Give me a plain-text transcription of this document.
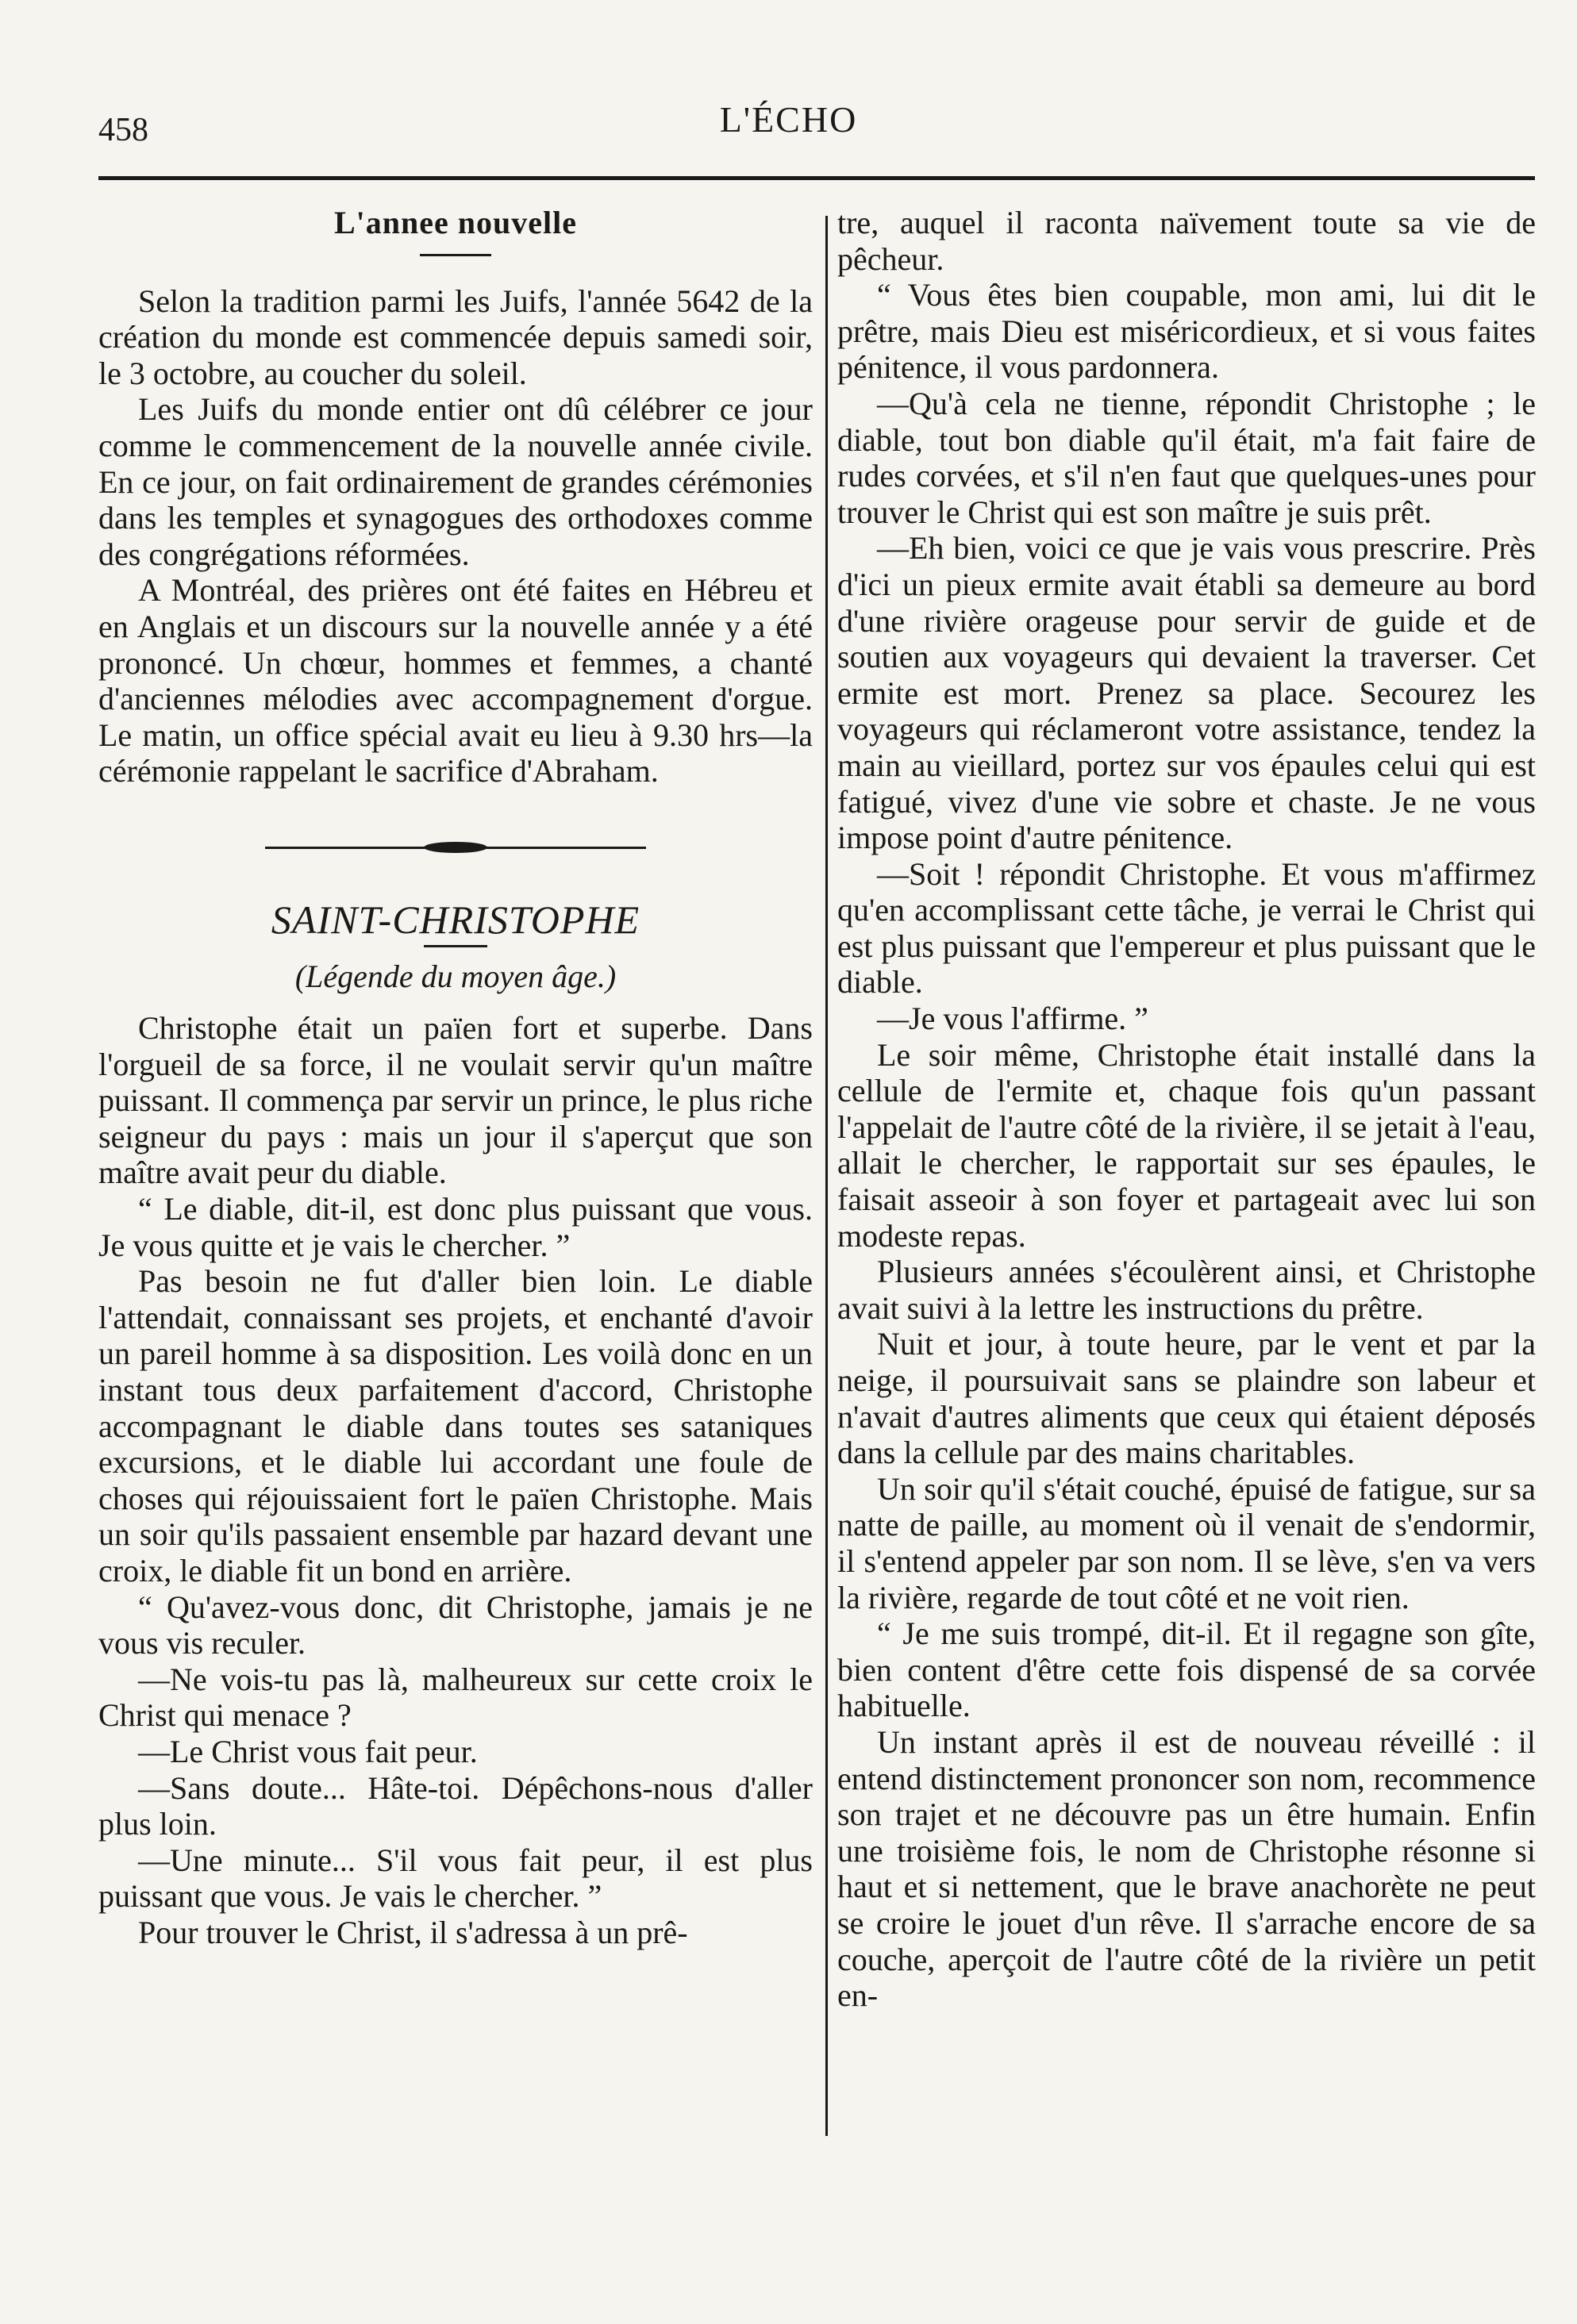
458	L'ÉCHO
L'annee nouvelle

Selon la tradition parmi les Juifs, l'année 5642 de la création du monde est commencée depuis samedi soir, le 3 octobre, au coucher du soleil.

Les Juifs du monde entier ont dû célébrer ce jour comme le commencement de la nouvelle année civile. En ce jour, on fait ordinairement de grandes cérémonies dans les temples et synagogues des orthodoxes comme des congrégations réformées.

A Montréal, des prières ont été faites en Hébreu et en Anglais et un discours sur la nouvelle année y a été prononcé. Un chœur, hommes et femmes, a chanté d'anciennes mélodies avec accompagnement d'orgue. Le matin, un office spécial avait eu lieu à 9.30 hrs—la cérémonie rappelant le sacrifice d'Abraham.

SAINT-CHRISTOPHE
(Légende du moyen âge.)

Christophe était un païen fort et superbe. Dans l'orgueil de sa force, il ne voulait servir qu'un maître puissant. Il commença par servir un prince, le plus riche seigneur du pays : mais un jour il s'aperçut que son maître avait peur du diable.

“ Le diable, dit-il, est donc plus puissant que vous. Je vous quitte et je vais le chercher. ”

Pas besoin ne fut d'aller bien loin. Le diable l'attendait, connaissant ses projets, et enchanté d'avoir un pareil homme à sa disposition. Les voilà donc en un instant tous deux parfaitement d'accord, Christophe accompagnant le diable dans toutes ses sataniques excursions, et le diable lui accordant une foule de choses qui réjouissaient fort le païen Christophe. Mais un soir qu'ils passaient ensemble par hazard devant une croix, le diable fit un bond en arrière.

“ Qu'avez-vous donc, dit Christophe, jamais je ne vous vis reculer.

—Ne vois-tu pas là, malheureux sur cette croix le Christ qui menace ?

—Le Christ vous fait peur.

—Sans doute... Hâte-toi. Dépêchons-nous d'aller plus loin.

—Une minute... S'il vous fait peur, il est plus puissant que vous. Je vais le chercher. ”

Pour trouver le Christ, il s'adressa à un prê-

tre, auquel il raconta naïvement toute sa vie de pêcheur.

“ Vous êtes bien coupable, mon ami, lui dit le prêtre, mais Dieu est miséricordieux, et si vous faites pénitence, il vous pardonnera.

—Qu'à cela ne tienne, répondit Christophe ; le diable, tout bon diable qu'il était, m'a fait faire de rudes corvées, et s'il n'en faut que quelques-unes pour trouver le Christ qui est son maître je suis prêt.

—Eh bien, voici ce que je vais vous prescrire. Près d'ici un pieux ermite avait établi sa demeure au bord d'une rivière orageuse pour servir de guide et de soutien aux voyageurs qui devaient la traverser. Cet ermite est mort. Prenez sa place. Secourez les voyageurs qui réclameront votre assistance, tendez la main au vieillard, portez sur vos épaules celui qui est fatigué, vivez d'une vie sobre et chaste. Je ne vous impose point d'autre pénitence.

—Soit ! répondit Christophe. Et vous m'affirmez qu'en accomplissant cette tâche, je verrai le Christ qui est plus puissant que l'empereur et plus puissant que le diable.

—Je vous l'affirme. ”

Le soir même, Christophe était installé dans la cellule de l'ermite et, chaque fois qu'un passant l'appelait de l'autre côté de la rivière, il se jetait à l'eau, allait le chercher, le rapportait sur ses épaules, le faisait asseoir à son foyer et partageait avec lui son modeste repas.

Plusieurs années s'écoulèrent ainsi, et Christophe avait suivi à la lettre les instructions du prêtre.

Nuit et jour, à toute heure, par le vent et par la neige, il poursuivait sans se plaindre son labeur et n'avait d'autres aliments que ceux qui étaient déposés dans la cellule par des mains charitables.

Un soir qu'il s'était couché, épuisé de fatigue, sur sa natte de paille, au moment où il venait de s'endormir, il s'entend appeler par son nom. Il se lève, s'en va vers la rivière, regarde de tout côté et ne voit rien.

“ Je me suis trompé, dit-il. Et il regagne son gîte, bien content d'être cette fois dispensé de sa corvée habituelle.

Un instant après il est de nouveau réveillé : il entend distinctement prononcer son nom, recommence son trajet et ne découvre pas un être humain. Enfin une troisième fois, le nom de Christophe résonne si haut et si nettement, que le brave anachorète ne peut se croire le jouet d'un rêve. Il s'arrache encore de sa couche, aperçoit de l'autre côté de la rivière un petit en-
